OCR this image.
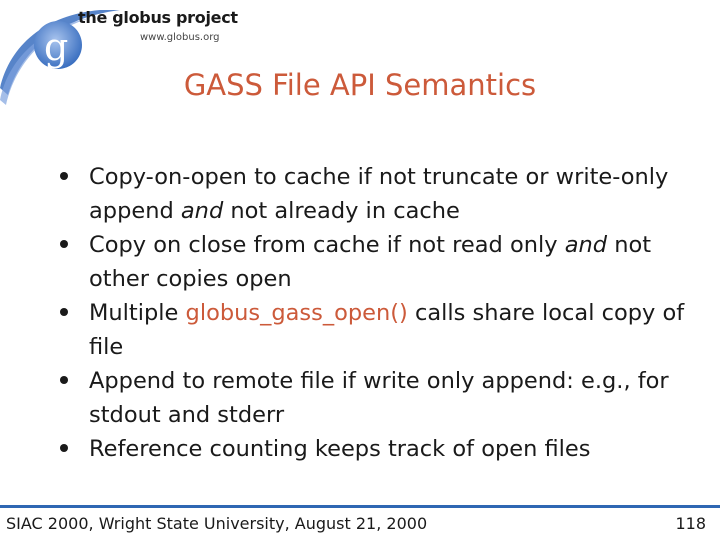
g
the globus project
www.globus.org
GASS File API Semantics
Copy-on-open to cache if not truncate or write-only append and not already in cache
Copy on close from cache if not read only and not other copies open
Multiple globus_gass_open() calls share local copy of file
Append to remote file if write only append: e.g., for stdout and stderr
Reference counting keeps track of open files
SIAC 2000, Wright State University, August 21, 2000	118
